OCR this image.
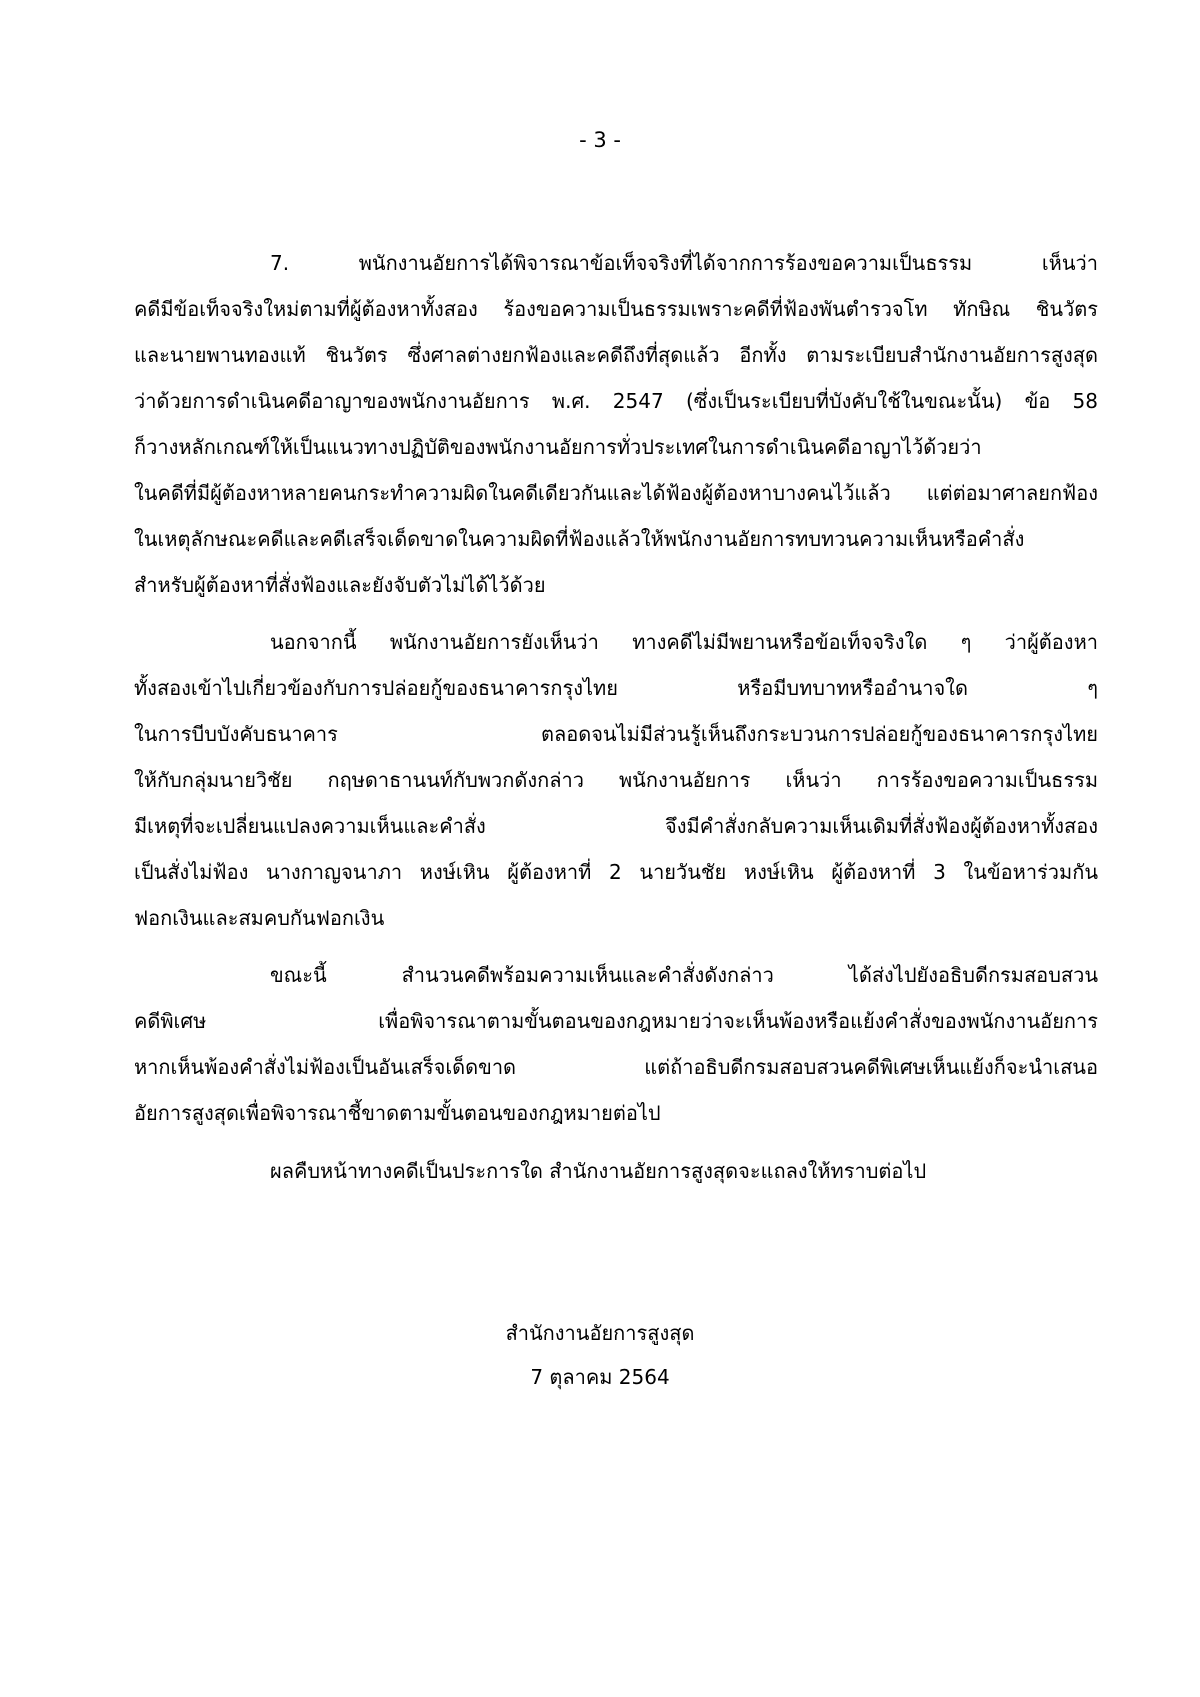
- 3 -
7. พนักงานอัยการได้พิจารณาข้อเท็จจริงที่ได้จากการร้องขอความเป็นธรรม เห็นว่า
คดีมีข้อเท็จจริงใหม่ตามที่ผู้ต้องหาทั้งสอง ร้องขอความเป็นธรรมเพราะคดีที่ฟ้องพันตำรวจโท ทักษิณ ชินวัตร
และนายพานทองแท้ ชินวัตร ซึ่งศาลต่างยกฟ้องและคดีถึงที่สุดแล้ว อีกทั้ง ตามระเบียบสำนักงานอัยการสูงสุด
ว่าด้วยการดำเนินคดีอาญาของพนักงานอัยการ พ.ศ. 2547 (ซึ่งเป็นระเบียบที่บังคับใช้ในขณะนั้น) ข้อ 58
ก็วางหลักเกณฑ์ให้เป็นแนวทางปฏิบัติของพนักงานอัยการทั่วประเทศในการดำเนินคดีอาญาไว้ด้วยว่า
ในคดีที่มีผู้ต้องหาหลายคนกระทำความผิดในคดีเดียวกันและได้ฟ้องผู้ต้องหาบางคนไว้แล้ว แต่ต่อมาศาลยกฟ้อง
ในเหตุลักษณะคดีและคดีเสร็จเด็ดขาดในความผิดที่ฟ้องแล้วให้พนักงานอัยการทบทวนความเห็นหรือคำสั่ง
สำหรับผู้ต้องหาที่สั่งฟ้องและยังจับตัวไม่ได้ไว้ด้วย
นอกจากนี้ พนักงานอัยการยังเห็นว่า ทางคดีไม่มีพยานหรือข้อเท็จจริงใด ๆ ว่าผู้ต้องหา
ทั้งสองเข้าไปเกี่ยวข้องกับการปล่อยกู้ของธนาคารกรุงไทย หรือมีบทบาทหรืออำนาจใด ๆ
ในการบีบบังคับธนาคาร ตลอดจนไม่มีส่วนรู้เห็นถึงกระบวนการปล่อยกู้ของธนาคารกรุงไทย
ให้กับกลุ่มนายวิชัย กฤษดาธานนท์กับพวกดังกล่าว พนักงานอัยการ เห็นว่า การร้องขอความเป็นธรรม
มีเหตุที่จะเปลี่ยนแปลงความเห็นและคำสั่ง จึงมีคำสั่งกลับความเห็นเดิมที่สั่งฟ้องผู้ต้องหาทั้งสอง
เป็นสั่งไม่ฟ้อง นางกาญจนาภา หงษ์เหิน ผู้ต้องหาที่ 2 นายวันชัย หงษ์เหิน ผู้ต้องหาที่ 3 ในข้อหาร่วมกัน
ฟอกเงินและสมคบกันฟอกเงิน
ขณะนี้ สำนวนคดีพร้อมความเห็นและคำสั่งดังกล่าว ได้ส่งไปยังอธิบดีกรมสอบสวน
คดีพิเศษ เพื่อพิจารณาตามขั้นตอนของกฎหมายว่าจะเห็นพ้องหรือแย้งคำสั่งของพนักงานอัยการ
หากเห็นพ้องคำสั่งไม่ฟ้องเป็นอันเสร็จเด็ดขาด แต่ถ้าอธิบดีกรมสอบสวนคดีพิเศษเห็นแย้งก็จะนำเสนอ
อัยการสูงสุดเพื่อพิจารณาชี้ขาดตามขั้นตอนของกฎหมายต่อไป
ผลคืบหน้าทางคดีเป็นประการใด สำนักงานอัยการสูงสุดจะแถลงให้ทราบต่อไป
สำนักงานอัยการสูงสุด
7 ตุลาคม 2564
